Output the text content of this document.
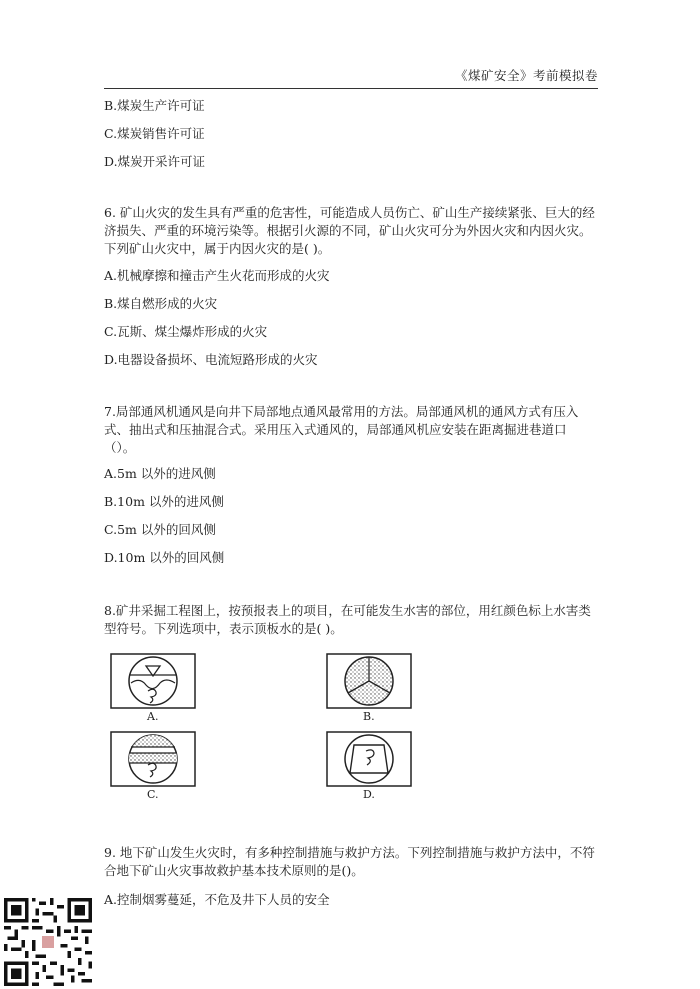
《煤矿安全》考前模拟卷
B.煤炭生产许可证
C.煤炭销售许可证
D.煤炭开采许可证
6. 矿山火灾的发生具有严重的危害性，可能造成人员伤亡、矿山生产接续紧张、巨大的经
济损失、严重的环境污染等。根据引火源的不同，矿山火灾可分为外因火灾和内因火灾。
下列矿山火灾中，属于内因火灾的是( )。
A.机械摩擦和撞击产生火花而形成的火灾
B.煤自燃形成的火灾
C.瓦斯、煤尘爆炸形成的火灾
D.电器设备损坏、电流短路形成的火灾
7.局部通风机通风是向井下局部地点通风最常用的方法。局部通风机的通风方式有压入
式、抽出式和压抽混合式。采用压入式通风的，局部通风机应安装在距离掘进巷道口
（）。
A.5m 以外的进风侧
B.10m 以外的进风侧
C.5m 以外的回风侧
D.10m 以外的回风侧
8.矿井采掘工程图上，按预报表上的项目，在可能发生水害的部位，用红颜色标上水害类
型符号。下列选项中，表示顶板水的是( )。
A.	B.
C.	D.
9. 地下矿山发生火灾时，有多种控制措施与救护方法。下列控制措施与救护方法中，不符
合地下矿山火灾事故救护基本技术原则的是()。
A.控制烟雾蔓延，不危及井下人员的安全
